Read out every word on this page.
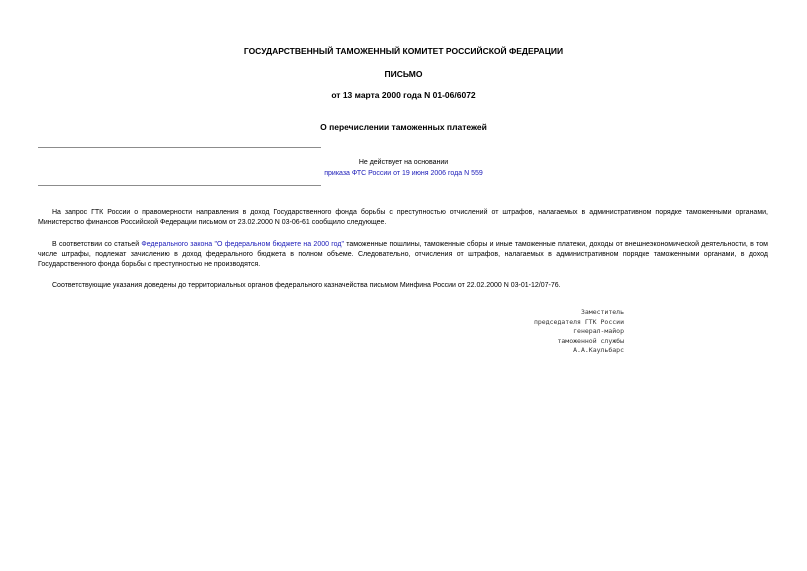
ГОСУДАРСТВЕННЫЙ ТАМОЖЕННЫЙ КОМИТЕТ РОССИЙСКОЙ ФЕДЕРАЦИИ
ПИСЬМО
от 13 марта 2000 года N 01-06/6072
О перечислении таможенных платежей
Не действует на основании
приказа ФТС России от 19 июня 2006 года N 559

На запрос ГТК России о правомерности направления в доход Государственного фонда борьбы с преступностью отчислений от штрафов, налагаемых в административном порядке таможенными органами, Министерство финансов Российской Федерации письмом от 23.02.2000 N 03-06-61 сообщило следующее.

В соответствии со статьей Федерального закона "О федеральном бюджете на 2000 год" таможенные пошлины, таможенные сборы и иные таможенные платежи, доходы от внешнеэкономической деятельности, в том числе штрафы, подлежат зачислению в доход федерального бюджета в полном объеме. Следовательно, отчисления от штрафов, налагаемых в административном порядке таможенными органами, в доход Государственного фонда борьбы с преступностью не производятся.

Соответствующие указания доведены до территориальных органов федерального казначейства письмом Минфина России от 22.02.2000 N 03-01-12/07-76.

Заместитель
председателя ГТК России
генерал-майор
таможенной службы
А.А.Каульбарс
